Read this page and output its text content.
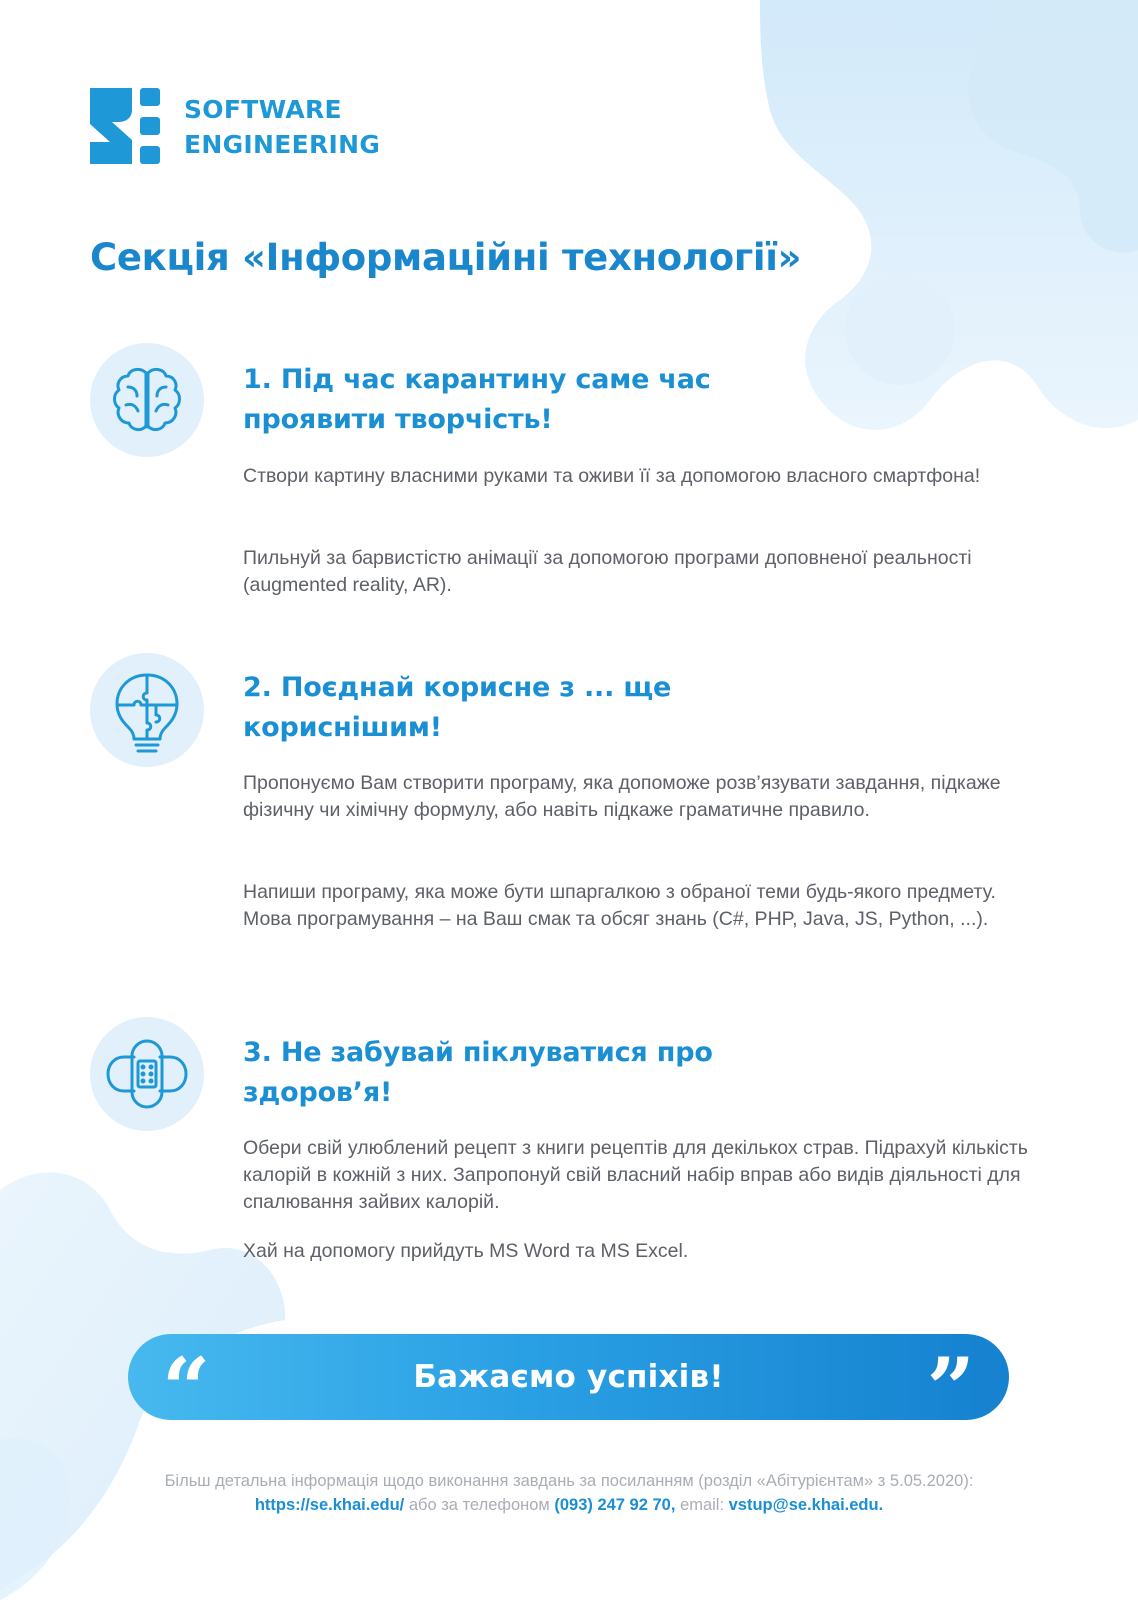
SOFTWARE
ENGINEERING
Секція «Інформаційні технології»
1. Під час карантину саме час
проявити творчість!

Створи картину власними руками та оживи її за допомогою власного смартфона!

Пильнуй за барвистістю анімації за допомогою програми доповненої реальності (augmented reality, AR).

2. Поєднай корисне з ... ще
кориснішим!

Пропонуємо Вам створити програму, яка допоможе розв’язувати завдання, підкаже фізичну чи хімічну формулу, або навіть підкаже граматичне правило.

Напиши програму, яка може бути шпаргалкою з обраної теми будь-якого предмету. Мова програмування – на Ваш смак та обсяг знань (C#, PHP, Java, JS, Python, ...).

3. Не забувай піклуватися про
здоров’я!

Обери свій улюблений рецепт з книги рецептів для декількох страв. Підрахуй кількість калорій в кожній з них. Запропонуй свій власний набір вправ або видів діяльності для спалювання зайвих калорій.

Хай на допомогу прийдуть MS Word та MS Excel.

“	Бажаємо успіхів!	”

Більш детальна інформація щодо виконання завдань за посиланням (розділ «Абітурієнтам» з 5.05.2020): https://se.khai.edu/ або за телефоном (093) 247 92 70, email: vstup@se.khai.edu.
